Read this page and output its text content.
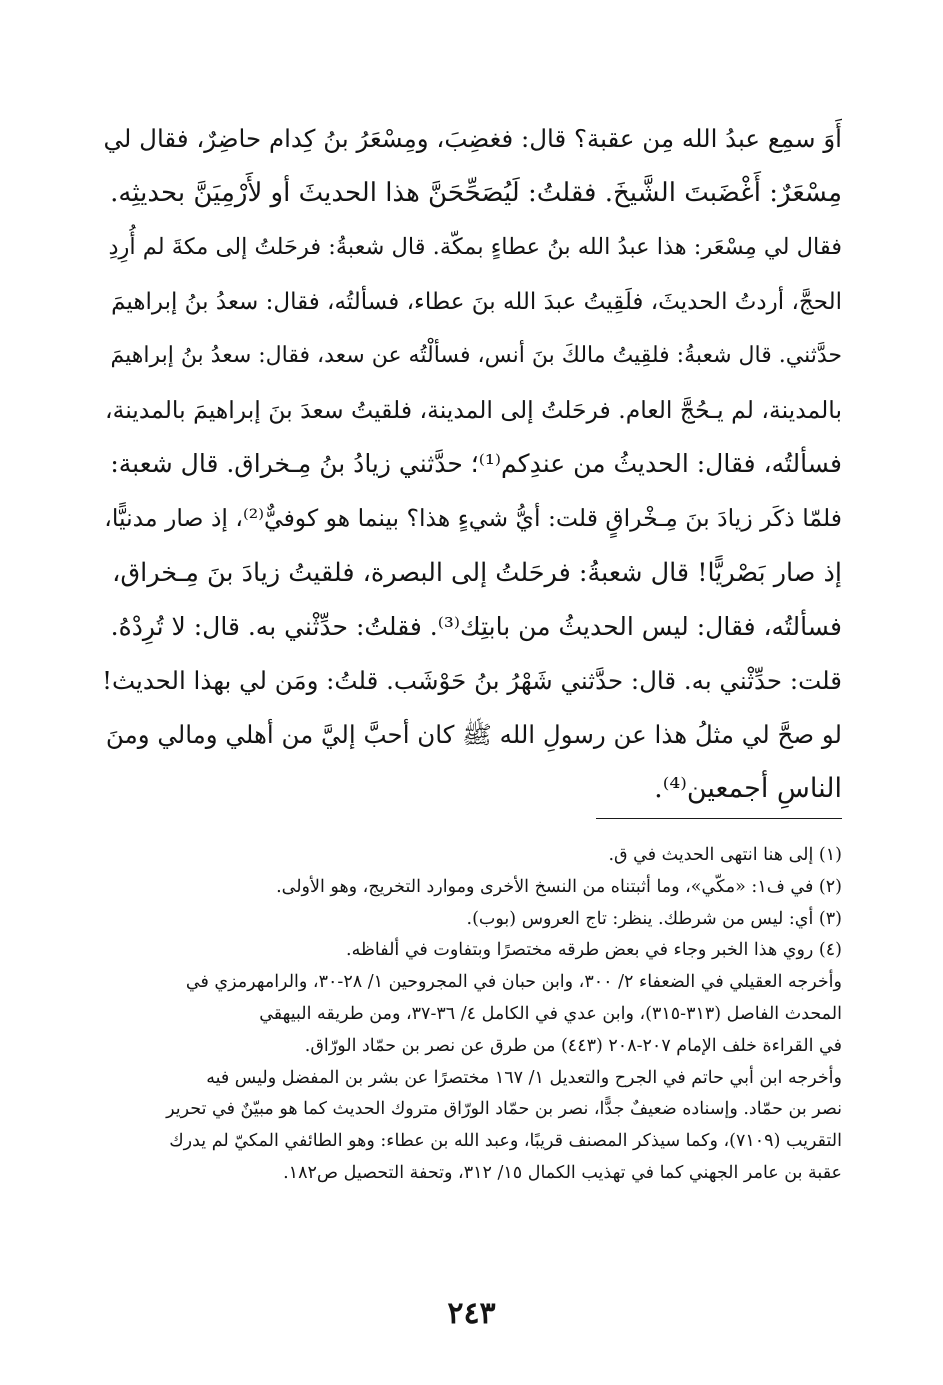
أَوَ سمِع عبدُ الله مِن عقبة؟ قال: فغضِبَ، ومِسْعَرُ بنُ كِدام حاضِرٌ، فقال لي
مِسْعَرٌ: أَغْضَبتَ الشَّيخَ. فقلتُ: لَيُصَحِّحَنَّ هذا الحديثَ أو لأَرْمِيَنَّ بحديثِه.
فقال لي مِسْعَر: هذا عبدُ الله بنُ عطاءٍ بمكّة. قال شعبةُ: فرحَلتُ إلى مكةَ لم أُرِدِ
الحجَّ، أردتُ الحديثَ، فلَقِيتُ عبدَ الله بنَ عطاء، فسألتُه، فقال: سعدُ بنُ إبراهيمَ
حدَّثني. قال شعبةُ: فلقِيتُ مالكَ بنَ أنس، فسألْتُه عن سعد، فقال: سعدُ بنُ إبراهيمَ
بالمدينة، لم يـحُجَّ العام. فرحَلتُ إلى المدينة، فلقيتُ سعدَ بنَ إبراهيمَ بالمدينة،
فسألتُه، فقال: الحديثُ من عندِكم⁽¹⁾؛ حدَّثني زيادُ بنُ مِـخراق. قال شعبة:
فلمّا ذكَر زيادَ بنَ مِـخْراقٍ قلت: أيُّ شيءٍ هذا؟ بينما هو كوفيٌّ⁽²⁾، إذ صار مدنيًّا،
إذ صار بَصْريًّا! قال شعبةُ: فرحَلتُ إلى البصرة، فلقيتُ زيادَ بنَ مِـخراق،
فسألتُه، فقال: ليس الحديثُ من بابتِك⁽³⁾. فقلتُ: حدِّثْني به. قال: لا تُرِدْهُ.
قلت: حدِّثْني به. قال: حدَّثني شَهْرُ بنُ حَوْشَب. قلتُ: ومَن لي بهذا الحديث!
لو صحَّ لي مثلُ هذا عن رسولِ الله ﷺ كان أحبَّ إليَّ من أهلي ومالي ومنَ
الناسِ أجمعين⁽⁴⁾.

(١) إلى هنا انتهى الحديث في ق.
(٢) في ف١: «مكّي»، وما أثبتناه من النسخ الأخرى وموارد التخريج، وهو الأولى.
(٣) أي: ليس من شرطك. ينظر: تاج العروس (بوب).
(٤) روي هذا الخبر وجاء في بعض طرقه مختصرًا وبتفاوت في ألفاظه.
وأخرجه العقيلي في الضعفاء ٢/ ٣٠٠، وابن حبان في المجروحين ١/ ٢٨-٣٠، والرامهرمزي في
المحدث الفاصل (٣١٣-٣١٥)، وابن عدي في الكامل ٤/ ٣٦-٣٧، ومن طريقه البيهقي
في القراءة خلف الإمام ٢٠٧-٢٠٨ (٤٤٣) من طرق عن نصر بن حمّاد الورّاق.
وأخرجه ابن أبي حاتم في الجرح والتعديل ١/ ١٦٧ مختصرًا عن بشر بن المفضل وليس فيه
نصر بن حمّاد. وإسناده ضعيفٌ جدًّا، نصر بن حمّاد الورّاق متروك الحديث كما هو مبيّنٌ في تحرير
التقريب (٧١٠٩)، وكما سيذكر المصنف قريبًا، وعبد الله بن عطاء: وهو الطائفي المكيّ لم يدرك
عقبة بن عامر الجهني كما في تهذيب الكمال ١٥/ ٣١٢، وتحفة التحصيل ص١٨٢.
٢٤٣
